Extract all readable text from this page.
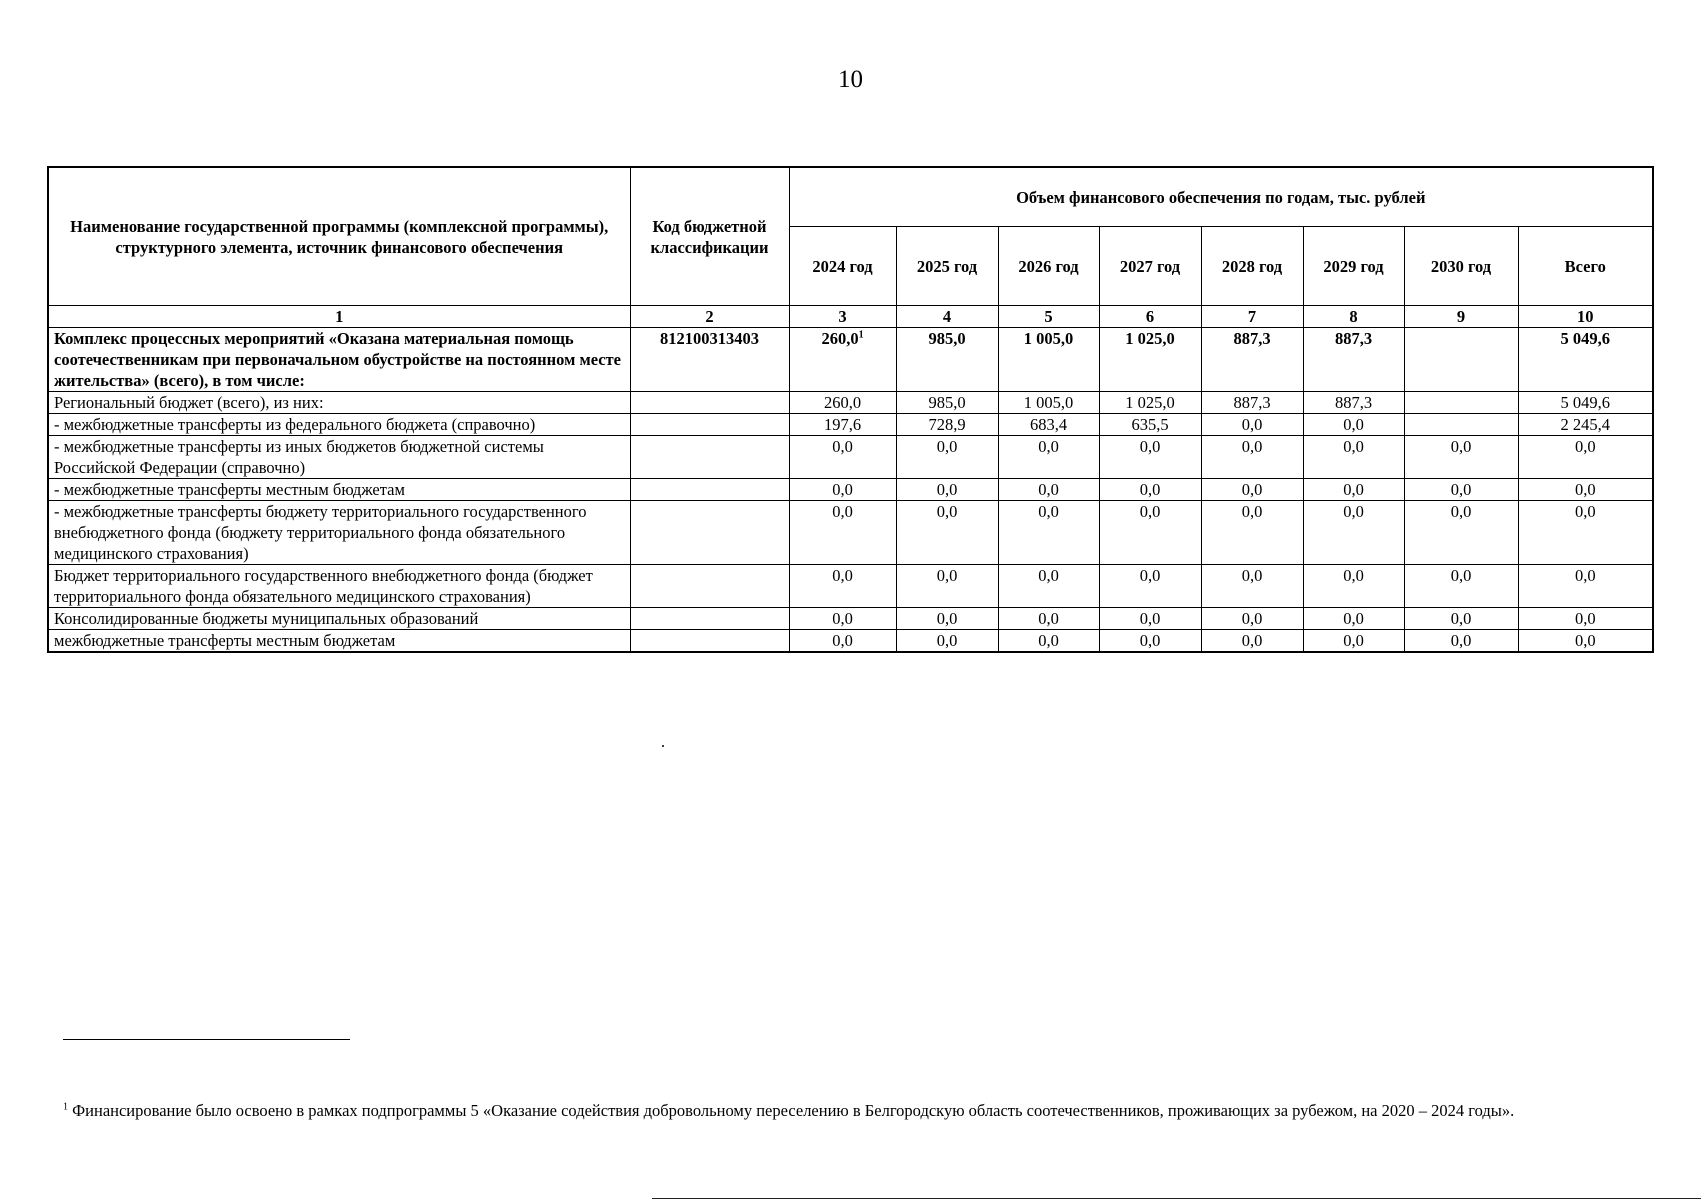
10
Наименование государственной программы (комплексной программы), структурного элемента, источник финансового обеспечения	Код бюджетной классификации	Объем финансового обеспечения по годам, тыс. рублей							
		2024 год	2025 год	2026 год	2027 год	2028 год	2029 год	2030 год	Всего
1	2	3	4	5	6	7	8	9	10
Комплекс процессных мероприятий «Оказана материальная помощь соотечественникам при первоначальном обустройстве на постоянном месте жительства» (всего), в том числе:	812100313403	260,0$^1$	985,0	1 005,0	1 025,0	887,3	887,3		5 049,6
Региональный бюджет (всего), из них:		260,0	985,0	1 005,0	1 025,0	887,3	887,3		5 049,6
- межбюджетные трансферты из федерального бюджета (справочно)		197,6	728,9	683,4	635,5	0,0	0,0		2 245,4
- межбюджетные трансферты из иных бюджетов бюджетной системы Российской Федерации (справочно)		0,0	0,0	0,0	0,0	0,0	0,0	0,0	0,0
- межбюджетные трансферты местным бюджетам		0,0	0,0	0,0	0,0	0,0	0,0	0,0	0,0
- межбюджетные трансферты бюджету территориального государственного внебюджетного фонда (бюджету территориального фонда обязательного медицинского страхования)		0,0	0,0	0,0	0,0	0,0	0,0	0,0	0,0
Бюджет территориального государственного внебюджетного фонда (бюджет территориального фонда обязательного медицинского страхования)		0,0	0,0	0,0	0,0	0,0	0,0	0,0	0,0
Консолидированные бюджеты муниципальных образований		0,0	0,0	0,0	0,0	0,0	0,0	0,0	0,0
межбюджетные трансферты местным бюджетам		0,0	0,0	0,0	0,0	0,0	0,0	0,0	0,0
$^1$ Финансирование было освоено в рамках подпрограммы 5 «Оказание содействия добровольному переселению в Белгородскую область соотечественников, проживающих за рубежом, на 2020 – 2024 годы».
